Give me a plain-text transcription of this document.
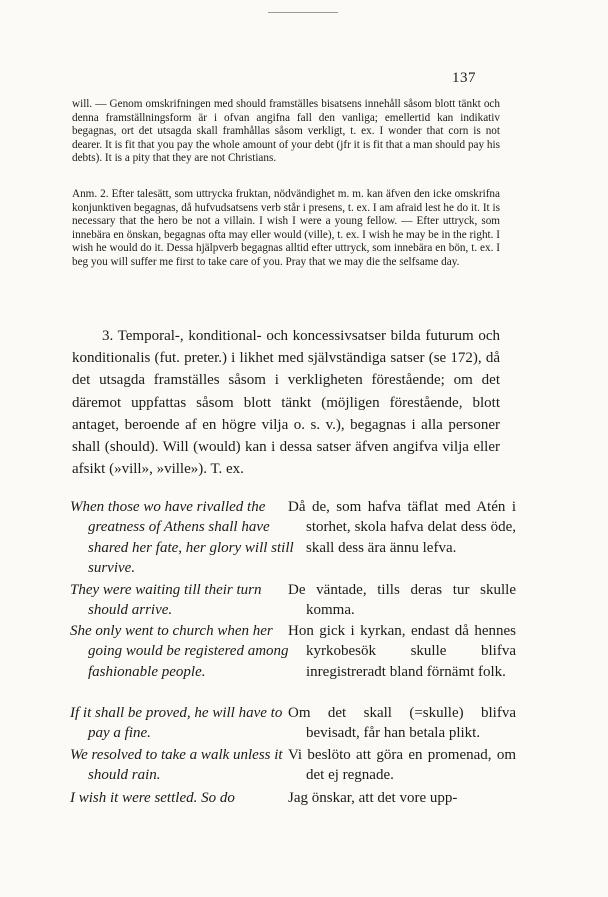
137

will. — Genom omskrifningen med should framställes bisatsens innehåll såsom blott tänkt och denna framställningsform är i ofvan angifna fall den vanliga; emellertid kan indikativ begagnas, ort det utsagda skall framhållas såsom verkligt, t. ex. I wonder that corn is not dearer. It is fit that you pay the whole amount of your debt (jfr it is fit that a man should pay his debts). It is a pity that they are not Christians.

Anm. 2. Efter talesätt, som uttrycka fruktan, nödvändighet m. m. kan äfven den icke omskrifna konjunktiven begagnas, då hufvudsatsens verb står i presens, t. ex. I am afraid lest he do it. It is necessary that the hero be not a villain. I wish I were a young fellow. — Efter uttryck, som innebära en önskan, begagnas ofta may eller would (ville), t. ex. I wish he may be in the right. I wish he would do it. Dessa hjälpverb begagnas alltid efter uttryck, som innebära en bön, t. ex. I beg you will suffer me first to take care of you. Pray that we may die the selfsame day.

3. Temporal-, konditional- och koncessivsatser bilda futurum och konditionalis (fut. preter.) i likhet med självständiga satser (se 172), då det utsagda framställes såsom i verkligheten förestående; om det däremot uppfattas såsom blott tänkt (möjligen förestående, blott antaget, beroende af en högre vilja o. s. v.), begagnas i alla personer shall (should). Will (would) kan i dessa satser äfven angifva vilja eller afsikt (»vill», »ville»). T. ex.

When those wo have rivalled the greatness of Athens shall have shared her fate, her glory will still survive.

Då de, som hafva täflat med Atén i storhet, skola hafva delat dess öde, skall dess ära ännu lefva.

They were waiting till their turn should arrive.

De väntade, tills deras tur skulle komma.

She only went to church when her going would be registered among fashionable people.

Hon gick i kyrkan, endast då hennes kyrkobesök skulle blifva inregistreradt bland förnämt folk.

If it shall be proved, he will have to pay a fine.

Om det skall (=skulle) blifva bevisadt, får han betala plikt.

We resolved to take a walk unless it should rain.

Vi beslöto att göra en promenad, om det ej regnade.

I wish it were settled. So do	Jag önskar, att det vore upp-
